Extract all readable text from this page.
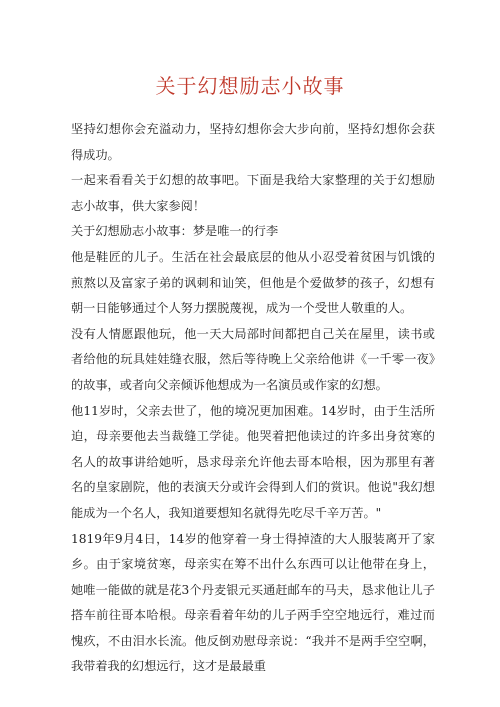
关于幻想励志小故事

坚持幻想你会充溢动力，坚持幻想你会大步向前，坚持幻想你会获得成功。

一起来看看关于幻想的故事吧。下面是我给大家整理的关于幻想励志小故事，供大家参阅！

关于幻想励志小故事：梦是唯一的行李

他是鞋匠的儿子。生活在社会最底层的他从小忍受着贫困与饥饿的煎熬以及富家子弟的讽刺和讪笑，但他是个爱做梦的孩子，幻想有朝一日能够通过个人努力摆脱蔑视，成为一个受世人敬重的人。

没有人情愿跟他玩，他一天大局部时间都把自己关在屋里，读书或者给他的玩具娃娃缝衣服，然后等待晚上父亲给他讲《一千零一夜》的故事，或者向父亲倾诉他想成为一名演员或作家的幻想。

他11岁时，父亲去世了，他的境况更加困难。14岁时，由于生活所迫，母亲要他去当裁缝工学徒。他哭着把他读过的许多出身贫寒的名人的故事讲给她听，恳求母亲允许他去哥本哈根，因为那里有著名的皇家剧院，他的表演天分或许会得到人们的赏识。他说"我幻想能成为一个名人，我知道要想知名就得先吃尽千辛万苦。"

1819年9月4日，14岁的他穿着一身士得掉渣的大人服装离开了家乡。由于家境贫寒，母亲实在筹不出什么东西可以让他带在身上，她唯一能做的就是花3个丹麦银元买通赶邮车的马夫，恳求他让儿子搭车前往哥本哈根。母亲看着年幼的儿子两手空空地远行，难过而愧疚，不由泪水长流。他反倒劝慰母亲说：“我并不是两手空空啊，我带着我的幻想远行，这才是最最重
